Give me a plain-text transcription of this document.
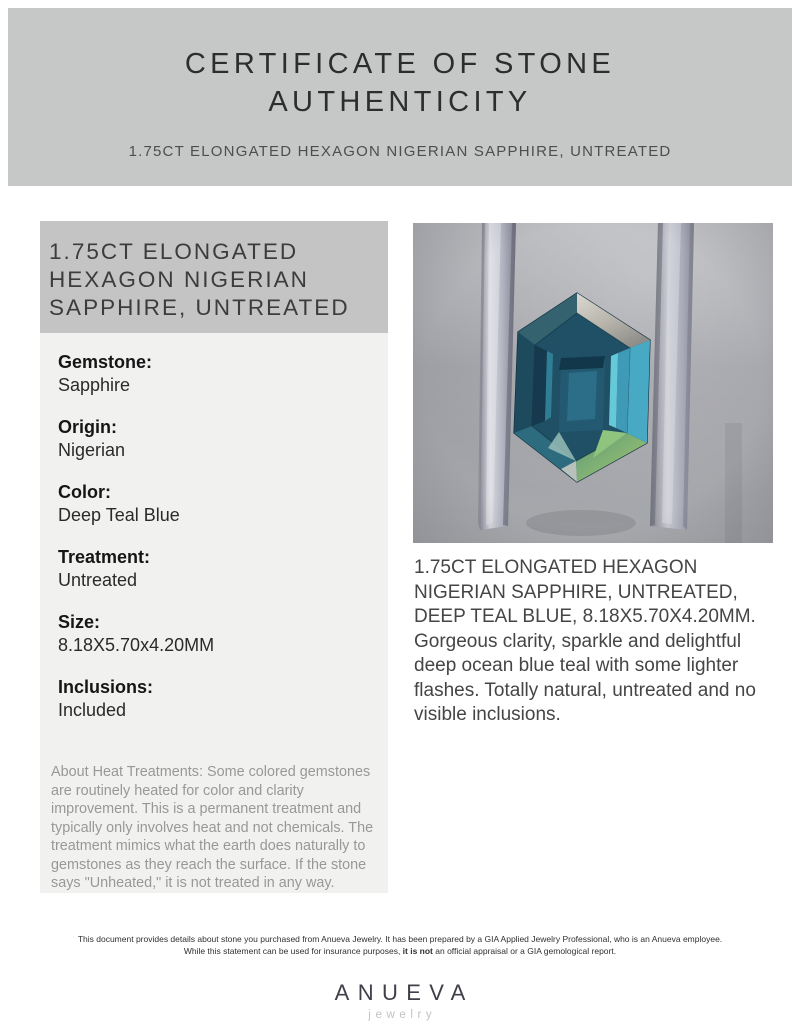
CERTIFICATE OF STONE
AUTHENTICITY
1.75CT ELONGATED HEXAGON NIGERIAN SAPPHIRE, UNTREATED
1.75CT ELONGATED
HEXAGON NIGERIAN
SAPPHIRE, UNTREATED
Gemstone:
Sapphire
Origin:
Nigerian
Color:
Deep Teal Blue
Treatment:
Untreated
Size:
8.18X5.70x4.20MM
Inclusions:
Included
About Heat Treatments: Some colored gemstones are routinely heated for color and clarity improvement. This is a permanent treatment and typically only involves heat and not chemicals. The treatment mimics what the earth does naturally to gemstones as they reach the surface. If the stone says "Unheated," it is not treated in any way.
1.75CT ELONGATED HEXAGON NIGERIAN SAPPHIRE, UNTREATED, DEEP TEAL BLUE, 8.18X5.70X4.20MM. Gorgeous clarity, sparkle and delightful deep ocean blue teal with some lighter flashes. Totally natural, untreated and no visible inclusions.
This document provides details about stone you purchased from Anueva Jewelry. It has been prepared by a GIA Applied Jewelry Professional, who is an Anueva employee.
While this statement can be used for insurance purposes, it is not an official appraisal or a GIA gemological report.
ANUEVA
jewelry
